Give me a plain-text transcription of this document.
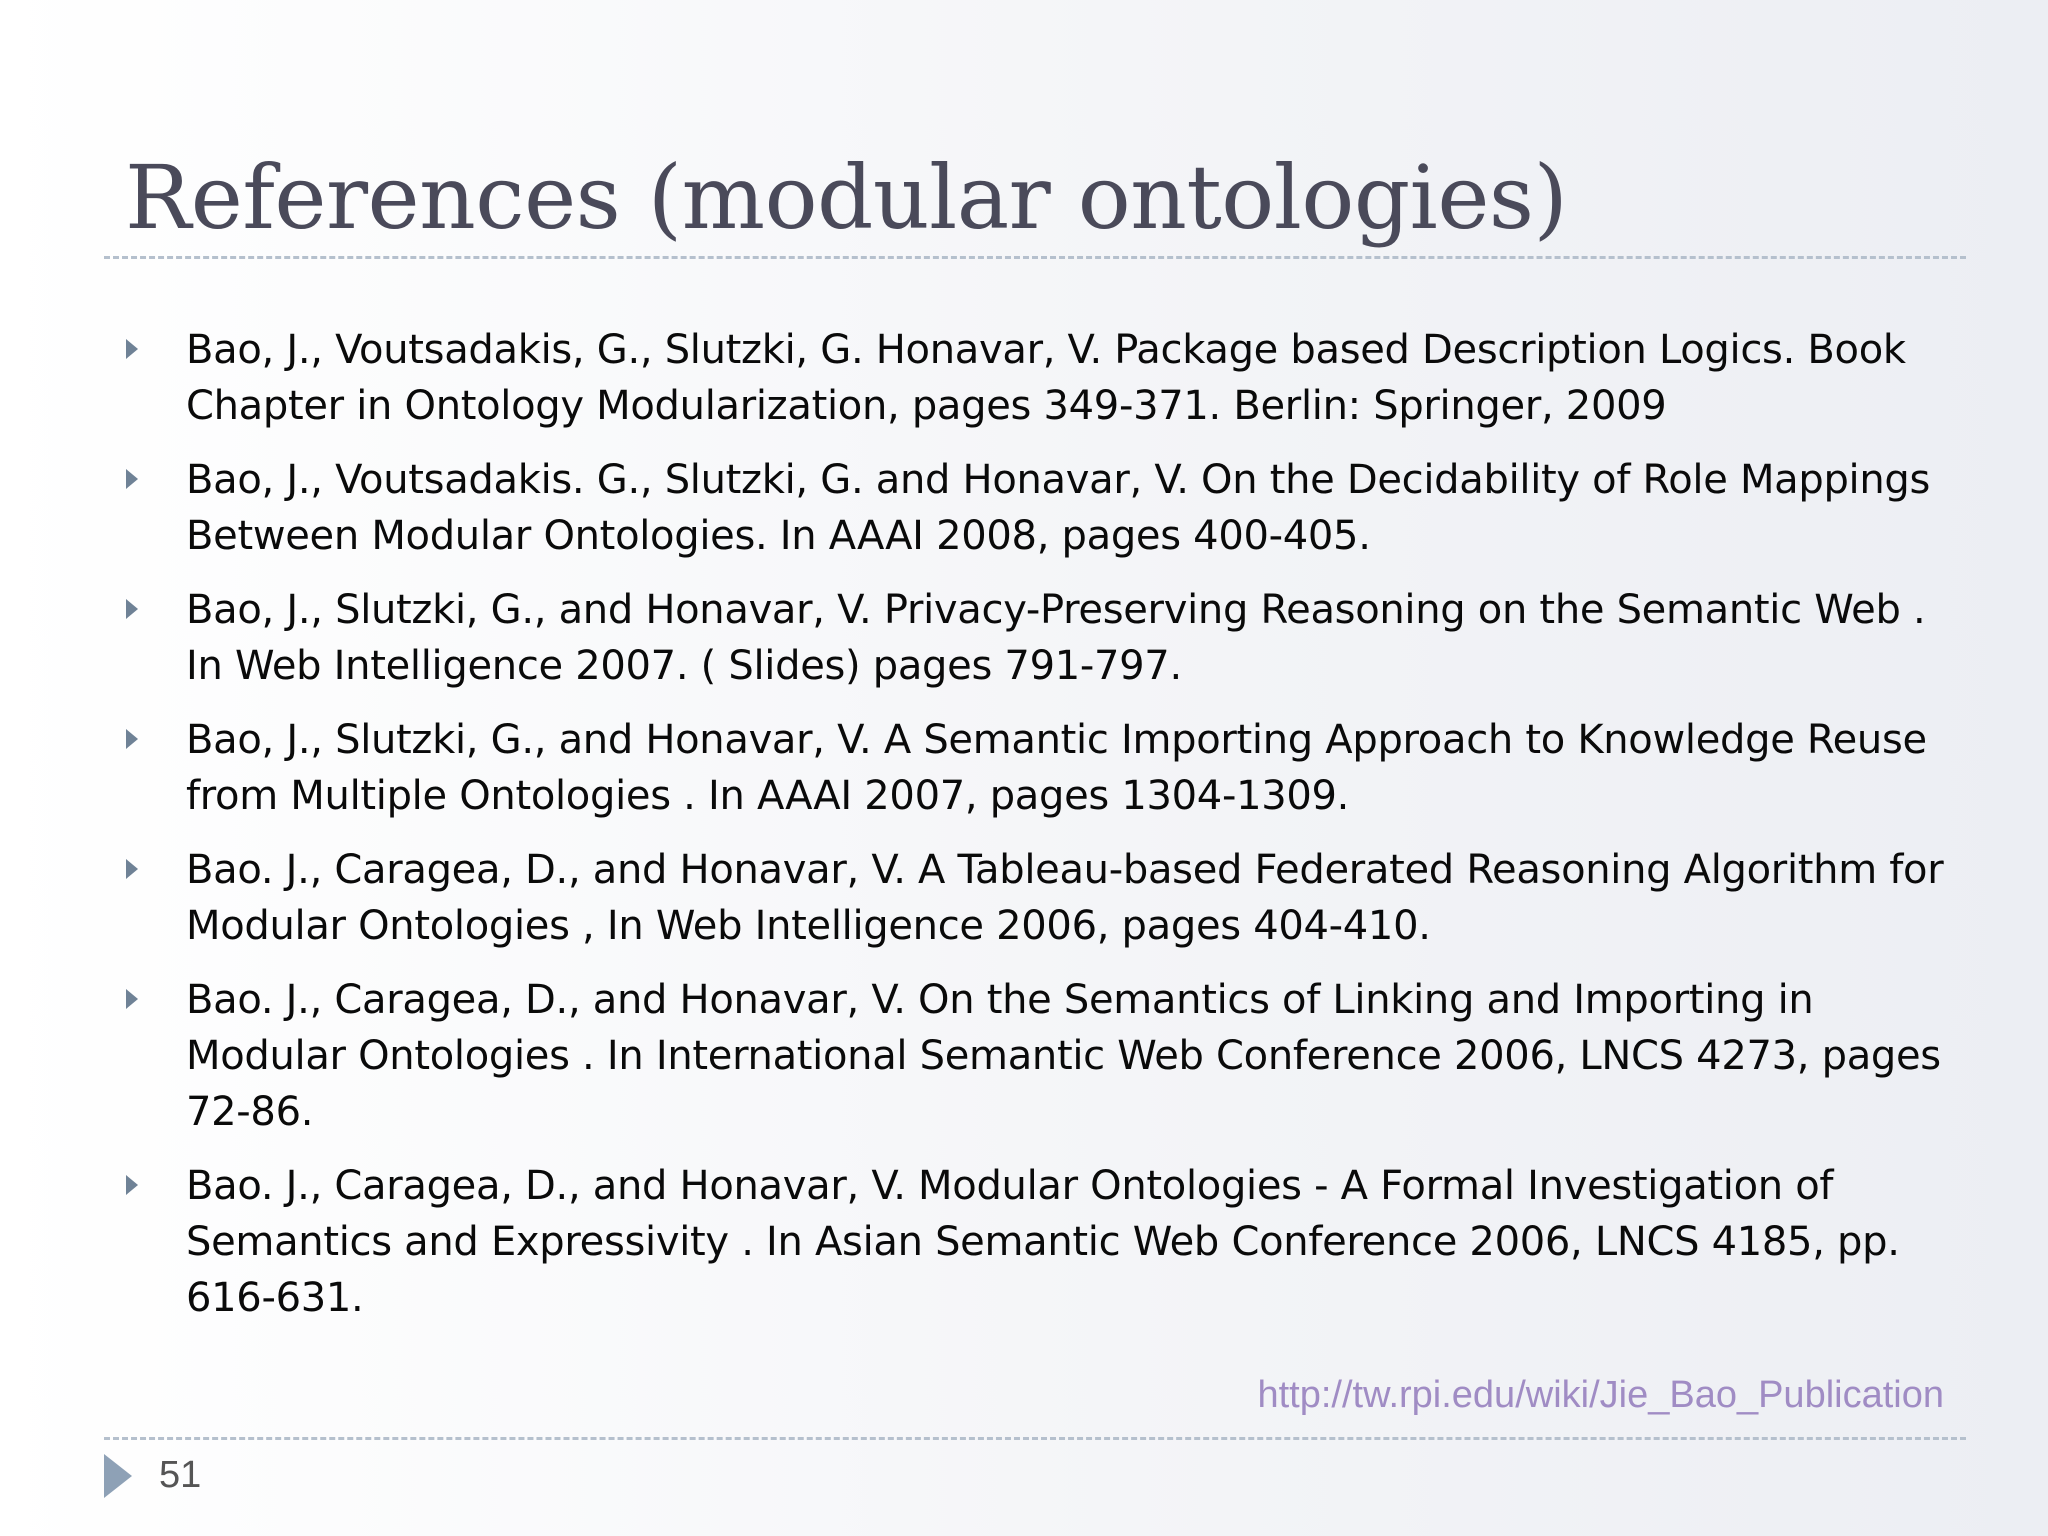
References (modular ontologies)
Bao, J., Voutsadakis, G., Slutzki, G. Honavar, V. Package based Description Logics. Book Chapter in Ontology Modularization, pages 349-371. Berlin: Springer, 2009
Bao, J., Voutsadakis. G., Slutzki, G. and Honavar, V. On the Decidability of Role Mappings Between Modular Ontologies. In AAAI 2008, pages 400-405.
Bao, J., Slutzki, G., and Honavar, V. Privacy-Preserving Reasoning on the Semantic Web . In Web Intelligence 2007. ( Slides) pages 791-797.
Bao, J., Slutzki, G., and Honavar, V. A Semantic Importing Approach to Knowledge Reuse from Multiple Ontologies . In AAAI 2007, pages 1304-1309.
Bao. J., Caragea, D., and Honavar, V. A Tableau-based Federated Reasoning Algorithm for Modular Ontologies , In Web Intelligence 2006, pages 404-410.
Bao. J., Caragea, D., and Honavar, V. On the Semantics of Linking and Importing in Modular Ontologies . In International Semantic Web Conference 2006, LNCS 4273, pages 72-86.
Bao. J., Caragea, D., and Honavar, V. Modular Ontologies - A Formal Investigation of Semantics and Expressivity . In Asian Semantic Web Conference 2006, LNCS 4185, pp. 616-631.
http://tw.rpi.edu/wiki/Jie_Bao_Publication
51
